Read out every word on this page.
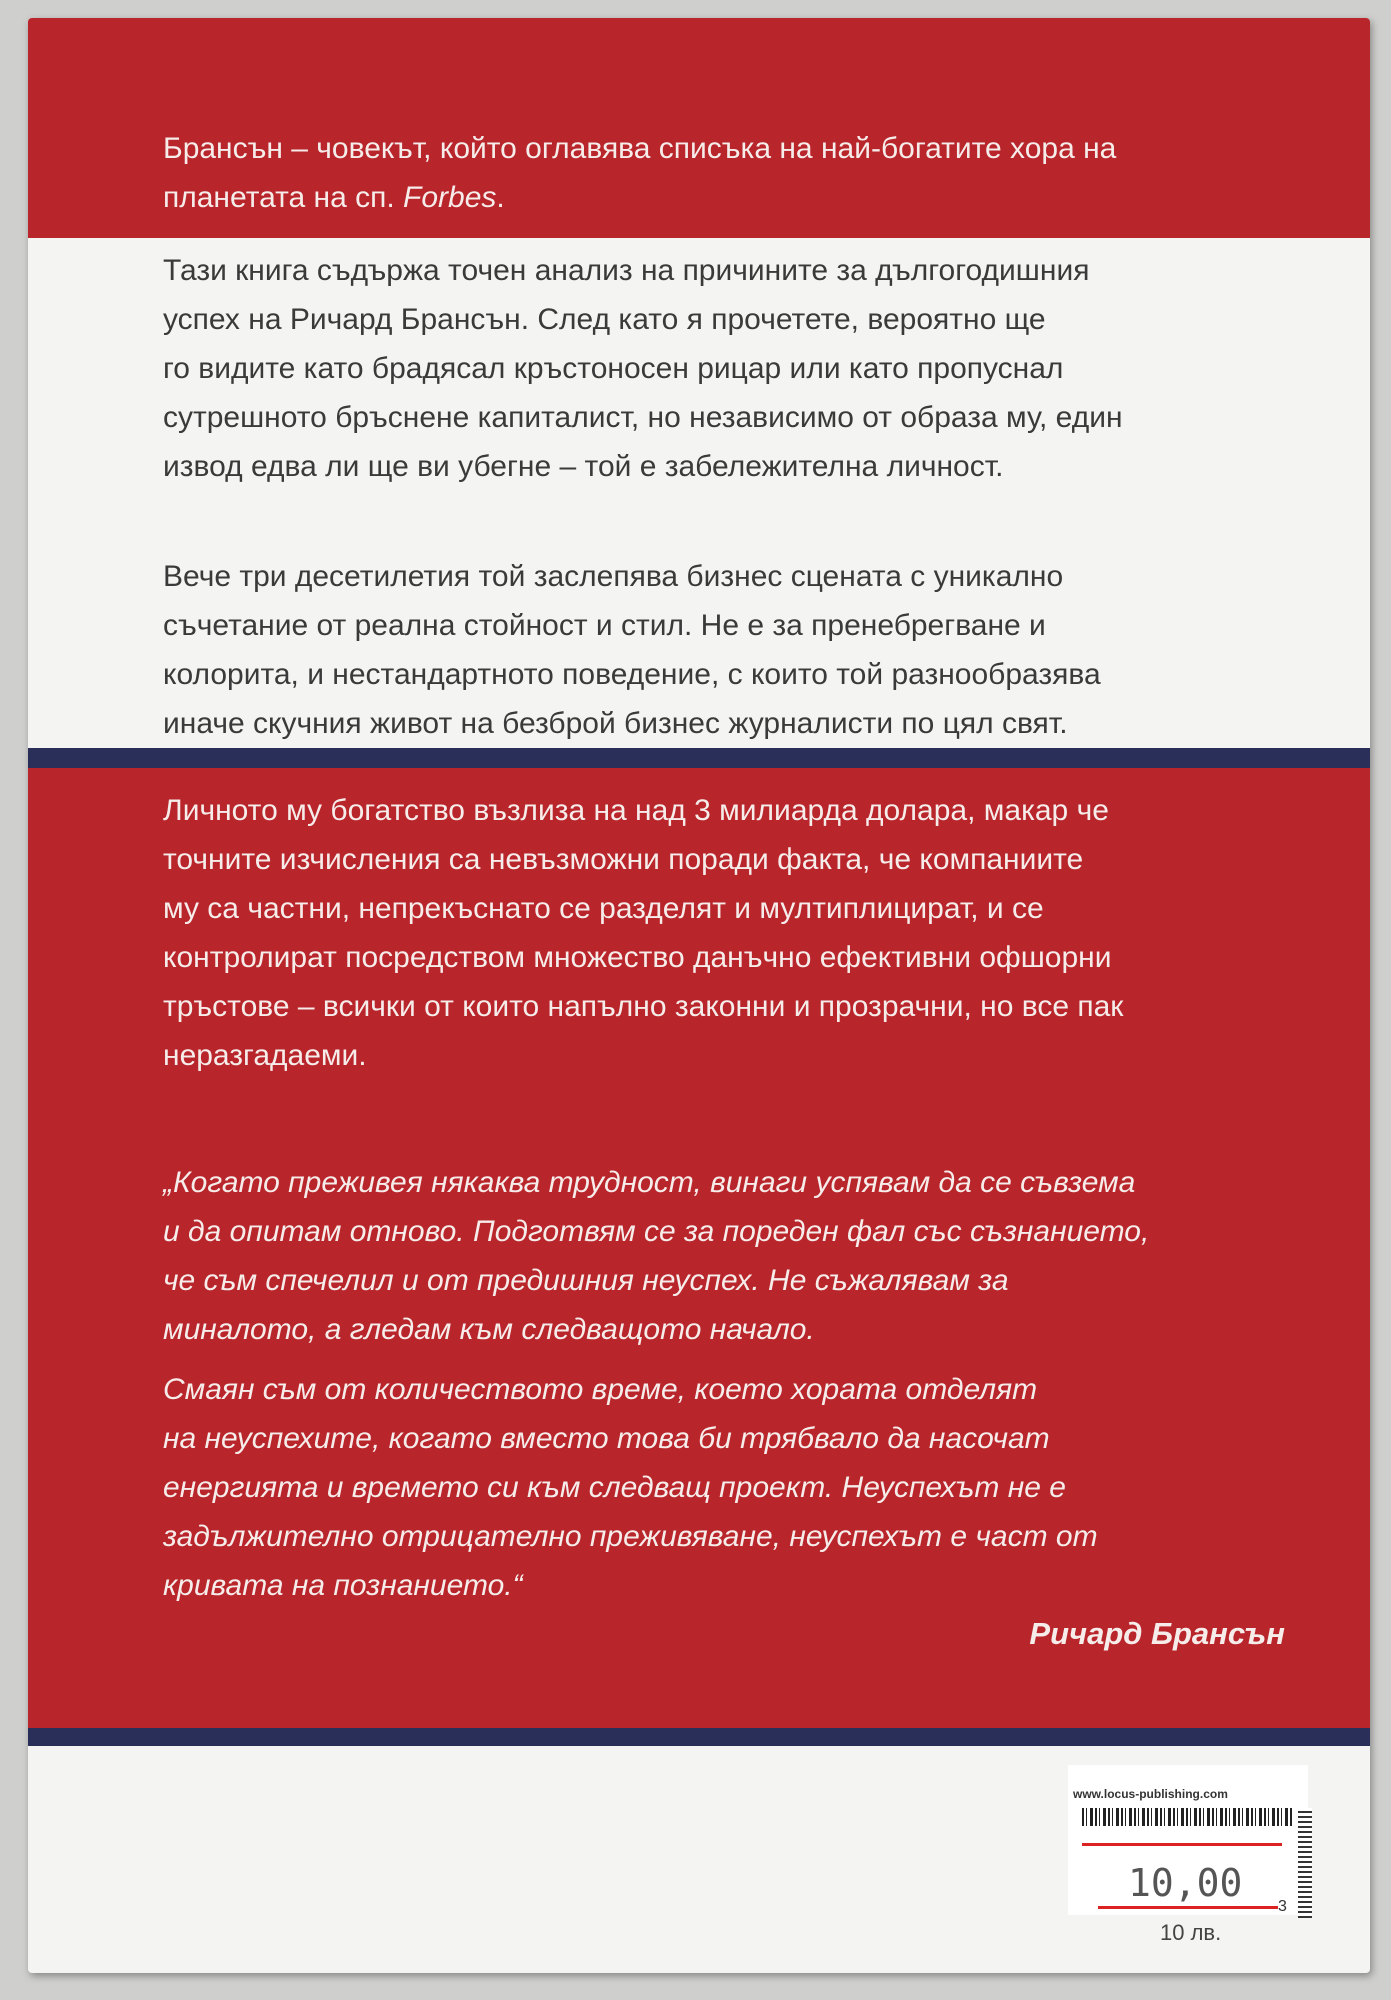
Брансън – човекът, който оглавява списъка на най-богатите хора на
планетата на сп. Forbes.
Тази книга съдържа точен анализ на причините за дългогодишния
успех на Ричард Брансън. След като я прочетете, вероятно ще
го видите като брадясал кръстоносен рицар или като пропуснал
сутрешното бръснене капиталист, но независимо от образа му, един
извод едва ли ще ви убегне – той е забележителна личност.
Вече три десетилетия той заслепява бизнес сцената с уникално
съчетание от реална стойност и стил. Не е за пренебрегване и
колорита, и нестандартното поведение, с които той разнообразява
иначе скучния живот на безброй бизнес журналисти по цял свят.
Личното му богатство възлиза на над 3 милиарда долара, макар че
точните изчисления са невъзможни поради факта, че компаниите
му са частни, непрекъснато се разделят и мултиплицират, и се
контролират посредством множество данъчно ефективни офшорни
тръстове – всички от които напълно законни и прозрачни, но все пак
неразгадаеми.
„Когато преживея някаква трудност, винаги успявам да се съвзема
и да опитам отново. Подготвям се за пореден фал със съзнанието,
че съм спечелил и от предишния неуспех. Не съжалявам за
миналото, а гледам към следващото начало.
Смаян съм от количеството време, което хората отделят
на неуспехите, когато вместо това би трябвало да насочат
енергията и времето си към следващ проект. Неуспехът не е
задължително отрицателно преживяване, неуспехът е част от
кривата на познанието.“
Ричард Брансън
www.locus-publishing.com
10,00
3
10 лв.
